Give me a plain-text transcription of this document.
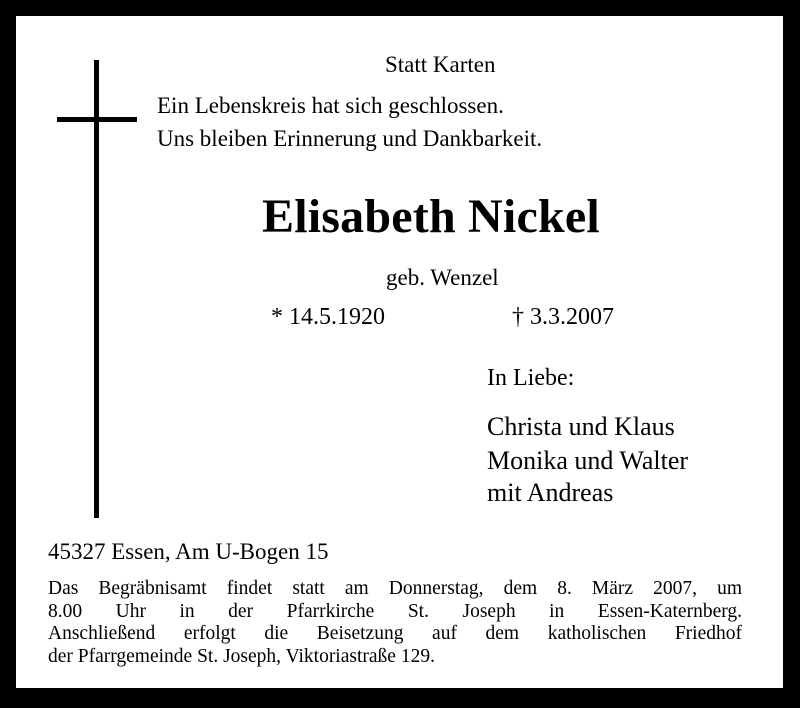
Statt Karten

Ein Lebenskreis hat sich geschlossen.

Uns bleiben Erinnerung und Dankbarkeit.

Elisabeth Nickel

geb. Wenzel

* 14.5.1920	† 3.3.2007

In Liebe:

Christa und Klaus

Monika und Walter

mit Andreas

45327 Essen, Am U-Bogen 15

Das Begräbnisamt findet statt am Donnerstag, dem 8. März 2007, um
8.00 Uhr in der Pfarrkirche St. Joseph in Essen-Katernberg.
Anschließend erfolgt die Beisetzung auf dem katholischen Friedhof
der Pfarrgemeinde St. Joseph, Viktoriastraße 129.
